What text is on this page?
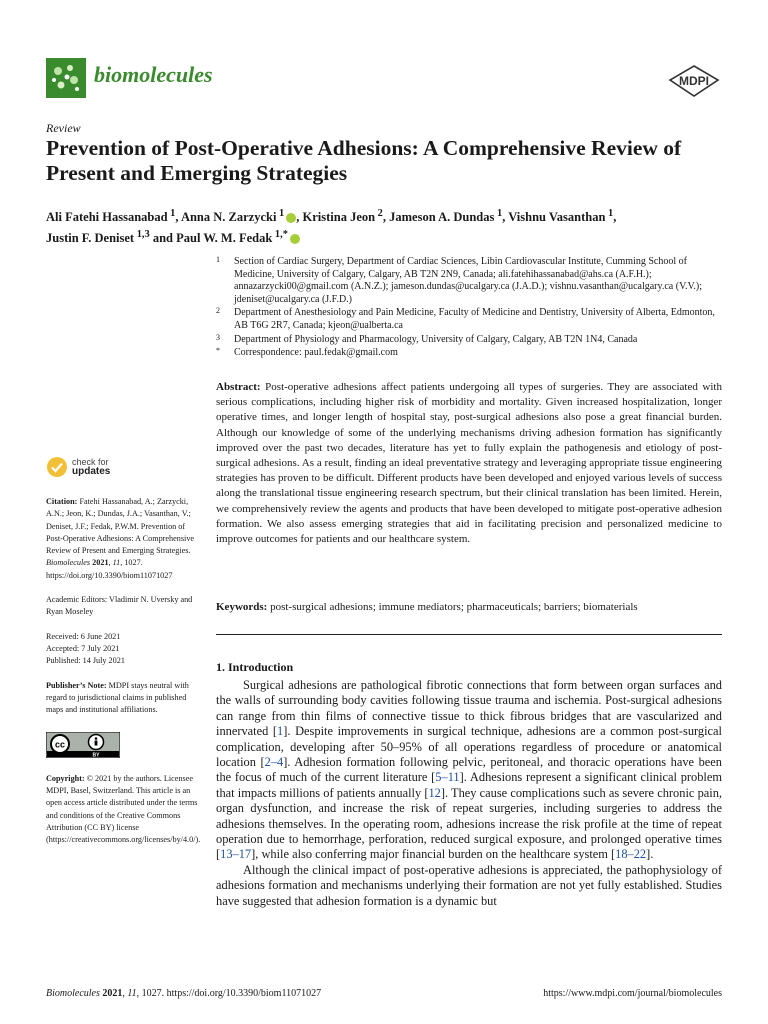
biomolecules	MDPI
Review
Prevention of Post-Operative Adhesions: A Comprehensive Review of Present and Emerging Strategies
Ali Fatehi Hassanabad $^1$, Anna N. Zarzycki $^1$ , Kristina Jeon $^2$, Jameson A. Dundas $^1$, Vishnu Vasanthan $^1$,
Justin F. Deniset $^{1,3}$ and Paul W. M. Fedak $^{1,*}$
1 Section of Cardiac Surgery, Department of Cardiac Sciences, Libin Cardiovascular Institute, Cumming School of Medicine, University of Calgary, Calgary, AB T2N 2N9, Canada; ali.fatehihassanabad@ahs.ca (A.F.H.); annazarzycki00@gmail.com (A.N.Z.); jameson.dundas@ucalgary.ca (J.A.D.); vishnu.vasanthan@ucalgary.ca (V.V.); jdeniset@ucalgary.ca (J.F.D.)
2 Department of Anesthesiology and Pain Medicine, Faculty of Medicine and Dentistry, University of Alberta, Edmonton, AB T6G 2R7, Canada; kjeon@ualberta.ca
3 Department of Physiology and Pharmacology, University of Calgary, Calgary, AB T2N 1N4, Canada
* Correspondence: paul.fedak@gmail.com
Abstract: Post-operative adhesions affect patients undergoing all types of surgeries. They are associated with serious complications, including higher risk of morbidity and mortality. Given increased hospitalization, longer operative times, and longer length of hospital stay, post-surgical adhesions also pose a great financial burden. Although our knowledge of some of the underlying mechanisms driving adhesion formation has significantly improved over the past two decades, literature has yet to fully explain the pathogenesis and etiology of post-surgical adhesions. As a result, finding an ideal preventative strategy and leveraging appropriate tissue engineering strategies has proven to be difficult. Different products have been developed and enjoyed various levels of success along the translational tissue engineering research spectrum, but their clinical translation has been limited. Herein, we comprehensively review the agents and products that have been developed to mitigate post-operative adhesion formation. We also assess emerging strategies that aid in facilitating precision and personalized medicine to improve outcomes for patients and our healthcare system.
Keywords: post-surgical adhesions; immune mediators; pharmaceuticals; barriers; biomaterials
1. Introduction

Surgical adhesions are pathological fibrotic connections that form between organ surfaces and the walls of surrounding body cavities following tissue trauma and ischemia. Post-surgical adhesions can range from thin films of connective tissue to thick fibrous bridges that are vascularized and innervated [1]. Despite improvements in surgical technique, adhesions are a common post-surgical complication, developing after 50–95% of all operations regardless of procedure or anatomical location [2–4]. Adhesion formation following pelvic, peritoneal, and thoracic operations have been the focus of much of the current literature [5–11]. Adhesions represent a significant clinical problem that impacts millions of patients annually [12]. They cause complications such as severe chronic pain, organ dysfunction, and increase the risk of repeat surgeries, including surgeries to address the adhesions themselves. In the operating room, adhesions increase the risk profile at the time of repeat operation due to hemorrhage, perforation, reduced surgical exposure, and prolonged operative times [13–17], while also conferring major financial burden on the healthcare system [18–22].

Although the clinical impact of post-operative adhesions is appreciated, the pathophysiology of adhesions formation and mechanisms underlying their formation are not yet fully established. Studies have suggested that adhesion formation is a dynamic but

check for
updates

Citation: Fatehi Hassanabad, A.; Zarzycki, A.N.; Jeon, K.; Dundas, J.A.; Vasanthan, V.; Deniset, J.F.; Fedak, P.W.M. Prevention of Post-Operative Adhesions: A Comprehensive Review of Present and Emerging Strategies. Biomolecules 2021, 11, 1027. https://doi.org/10.3390/biom11071027

Academic Editors: Vladimir N. Uversky and Ryan Moseley

Received: 6 June 2021
Accepted: 7 July 2021
Published: 14 July 2021

Publisher’s Note: MDPI stays neutral with regard to jurisdictional claims in published maps and institutional affiliations.

cc
BY

Copyright: © 2021 by the authors. Licensee MDPI, Basel, Switzerland. This article is an open access article distributed under the terms and conditions of the Creative Commons Attribution (CC BY) license (https://creativecommons.org/licenses/by/4.0/).

Biomolecules 2021, 11, 1027. https://doi.org/10.3390/biom11071027	https://www.mdpi.com/journal/biomolecules
